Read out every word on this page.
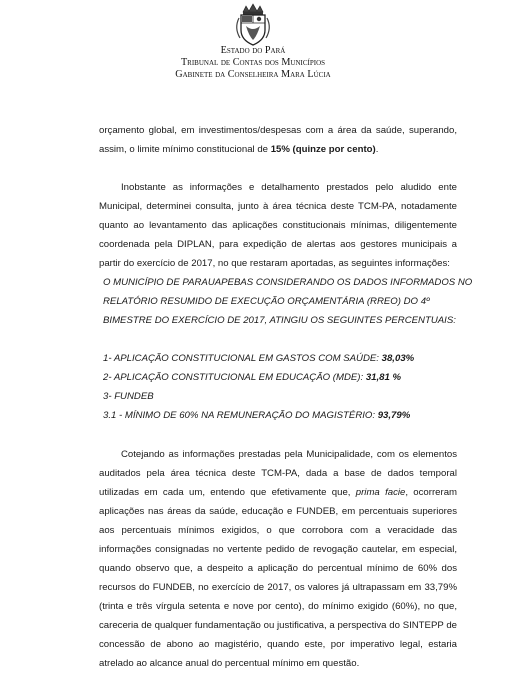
Estado do Pará
Tribunal de Contas dos Municípios
Gabinete da Conselheira Mara Lúcia

orçamento global, em investimentos/despesas com a área da saúde, superando, assim, o limite mínimo constitucional de 15% (quinze por cento).

Inobstante as informações e detalhamento prestados pelo aludido ente Municipal, determinei consulta, junto à área técnica deste TCM-PA, notadamente quanto ao levantamento das aplicações constitucionais mínimas, diligentemente coordenada pela DIPLAN, para expedição de alertas aos gestores municipais a partir do exercício de 2017, no que restaram aportadas, as seguintes informações:

O MUNICÍPIO DE PARAUAPEBAS CONSIDERANDO OS DADOS INFORMADOS NO
RELATÓRIO RESUMIDO DE EXECUÇÃO ORÇAMENTÁRIA (RREO) DO 4º
BIMESTRE DO EXERCÍCIO DE 2017, ATINGIU OS SEGUINTES PERCENTUAIS:
1- APLICAÇÃO CONSTITUCIONAL EM GASTOS COM SAÚDE: 38,03%
2- APLICAÇÃO CONSTITUCIONAL EM EDUCAÇÃO (MDE): 31,81 %
3- FUNDEB
3.1 - MÍNIMO DE 60% NA REMUNERAÇÃO DO MAGISTÉRIO: 93,79%

Cotejando as informações prestadas pela Municipalidade, com os elementos auditados pela área técnica deste TCM-PA, dada a base de dados temporal utilizadas em cada um, entendo que efetivamente que, prima facie, ocorreram aplicações nas áreas da saúde, educação e FUNDEB, em percentuais superiores aos percentuais mínimos exigidos, o que corrobora com a veracidade das informações consignadas no vertente pedido de revogação cautelar, em especial, quando observo que, a despeito a aplicação do percentual mínimo de 60% dos recursos do FUNDEB, no exercício de 2017, os valores já ultrapassam em 33,79% (trinta e três vírgula setenta e nove por cento), do mínimo exigido (60%), no que, careceria de qualquer fundamentação ou justificativa, a perspectiva do SINTEPP de concessão de abono ao magistério, quando este, por imperativo legal, estaria atrelado ao alcance anual do percentual mínimo em questão.
